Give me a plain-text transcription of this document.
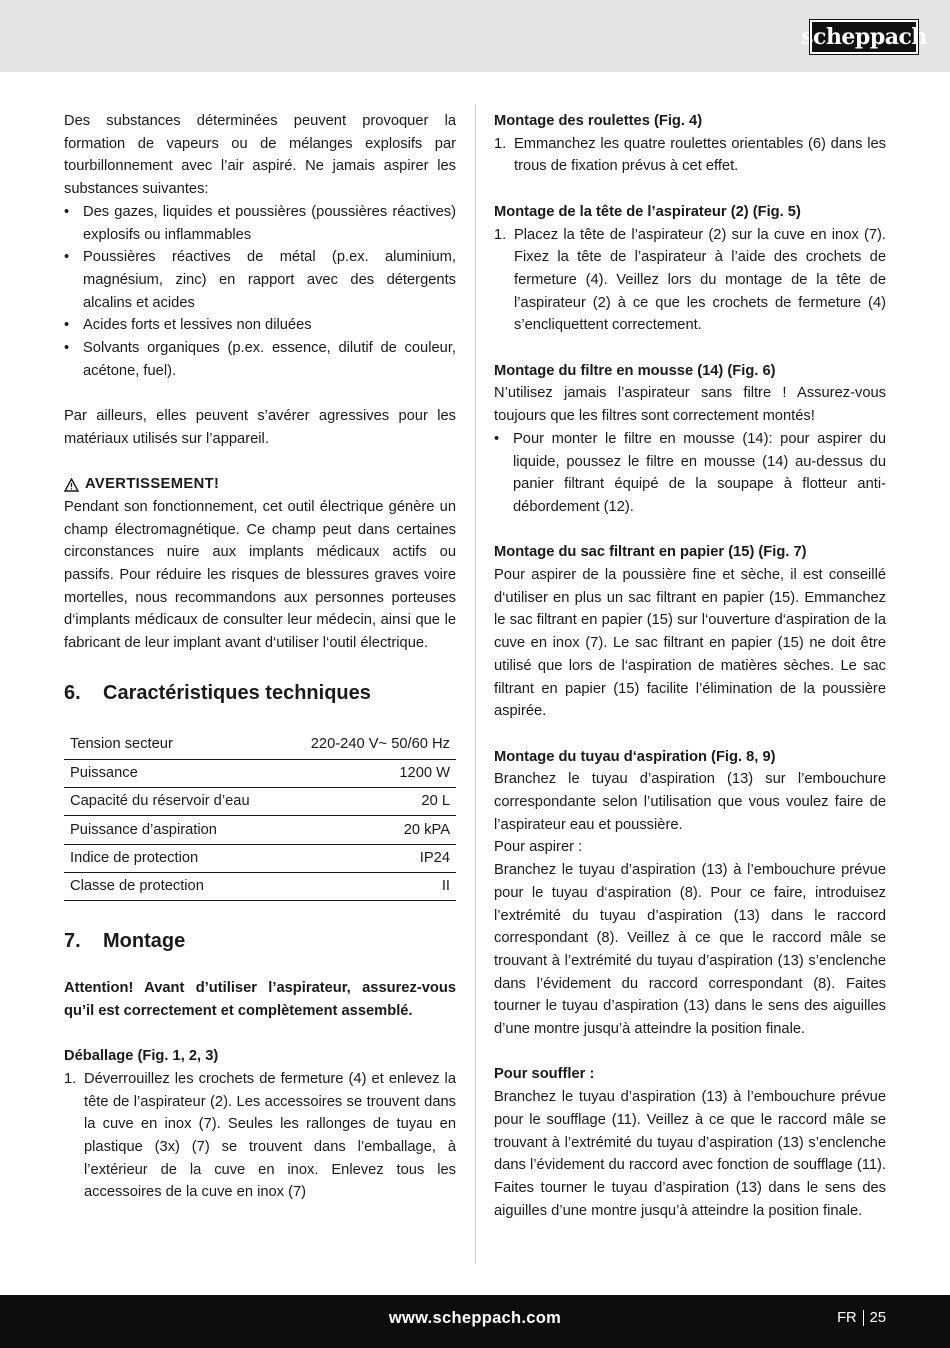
scheppach

Des substances déterminées peuvent provoquer la formation de vapeurs ou de mélanges explosifs par tourbillonnement avec l’air aspiré. Ne jamais aspirer les substances suivantes:

• Des gazes, liquides et poussières (poussières réactives) explosifs ou inflammables
• Poussières réactives de métal (p.ex. aluminium, magnésium, zinc) en rapport avec des détergents alcalins et acides
• Acides forts et lessives non diluées
• Solvants organiques (p.ex. essence, dilutif de couleur, acétone, fuel).

Par ailleurs, elles peuvent s’avérer agressives pour les matériaux utilisés sur l’appareil.

AVERTISSEMENT!

Pendant son fonctionnement, cet outil électrique génère un champ électromagnétique. Ce champ peut dans certaines circonstances nuire aux implants médicaux actifs ou passifs. Pour réduire les risques de blessures graves voire mortelles, nous recommandons aux personnes porteuses d‘implants médicaux de consulter leur médecin, ainsi que le fabricant de leur implant avant d‘utiliser l‘outil électrique.

6.	Caractéristiques techniques
Tension secteur	220-240 V~ 50/60 Hz
Puissance	1200 W
Capacité du réservoir d’eau	20 L
Puissance d’aspiration	20 kPA
Indice de protection	IP24
Classe de protection	II
7.	Montage

Attention! Avant d’utiliser l’aspirateur, assurez-vous qu’il est correctement et complètement assemblé.

Déballage (Fig. 1, 2, 3)

1. Déverrouillez les crochets de fermeture (4) et enlevez la tête de l’aspirateur (2). Les accessoires se trouvent dans la cuve en inox (7). Seules les rallonges de tuyau en plastique (3x) (7) se trouvent dans l’emballage, à l’extérieur de la cuve en inox. Enlevez tous les accessoires de la cuve en inox (7)

Montage des roulettes (Fig. 4)

1. Emmanchez les quatre roulettes orientables (6) dans les trous de fixation prévus à cet effet.

Montage de la tête de l’aspirateur (2) (Fig. 5)

1. Placez la tête de l’aspirateur (2) sur la cuve en inox (7). Fixez la tête de l’aspirateur à l’aide des crochets de fermeture (4). Veillez lors du montage de la tête de l’aspirateur (2) à ce que les crochets de fermeture (4) s’encliquettent correctement.

Montage du filtre en mousse (14) (Fig. 6)

N’utilisez jamais l’aspirateur sans filtre ! Assurez-vous toujours que les filtres sont correctement montés!

• Pour monter le filtre en mousse (14): pour aspirer du liquide, poussez le filtre en mousse (14) au-dessus du panier filtrant équipé de la soupape à flotteur anti-débordement (12).

Montage du sac filtrant en papier (15) (Fig. 7)

Pour aspirer de la poussière fine et sèche, il est conseillé d‘utiliser en plus un sac filtrant en papier (15). Emmanchez le sac filtrant en papier (15) sur l‘ouverture d‘aspiration de la cuve en inox (7). Le sac filtrant en papier (15) ne doit être utilisé que lors de l‘aspiration de matières sèches. Le sac filtrant en papier (15) facilite l’élimination de la poussière aspirée.

Montage du tuyau d‘aspiration (Fig. 8, 9)

Branchez le tuyau d’aspiration (13) sur l’embouchure correspondante selon l’utilisation que vous voulez faire de l’aspirateur eau et poussière.

Pour aspirer :

Branchez le tuyau d’aspiration (13) à l’embouchure prévue pour le tuyau d‘aspiration (8). Pour ce faire, introduisez l’extrémité du tuyau d’aspiration (13) dans le raccord correspondant (8). Veillez à ce que le raccord mâle se trouvant à l’extrémité du tuyau d’aspiration (13) s’enclenche dans l’évidement du raccord correspondant (8). Faites tourner le tuyau d’aspiration (13) dans le sens des aiguilles d’une montre jusqu’à atteindre la position finale.

Pour souffler :

Branchez le tuyau d’aspiration (13) à l’embouchure prévue pour le soufflage (11). Veillez à ce que le raccord mâle se trouvant à l’extrémité du tuyau d’aspiration (13) s’enclenche dans l’évidement du raccord avec fonction de soufflage (11). Faites tourner le tuyau d’aspiration (13) dans le sens des aiguilles d’une montre jusqu’à atteindre la position finale.

www.scheppach.com	FR 25
